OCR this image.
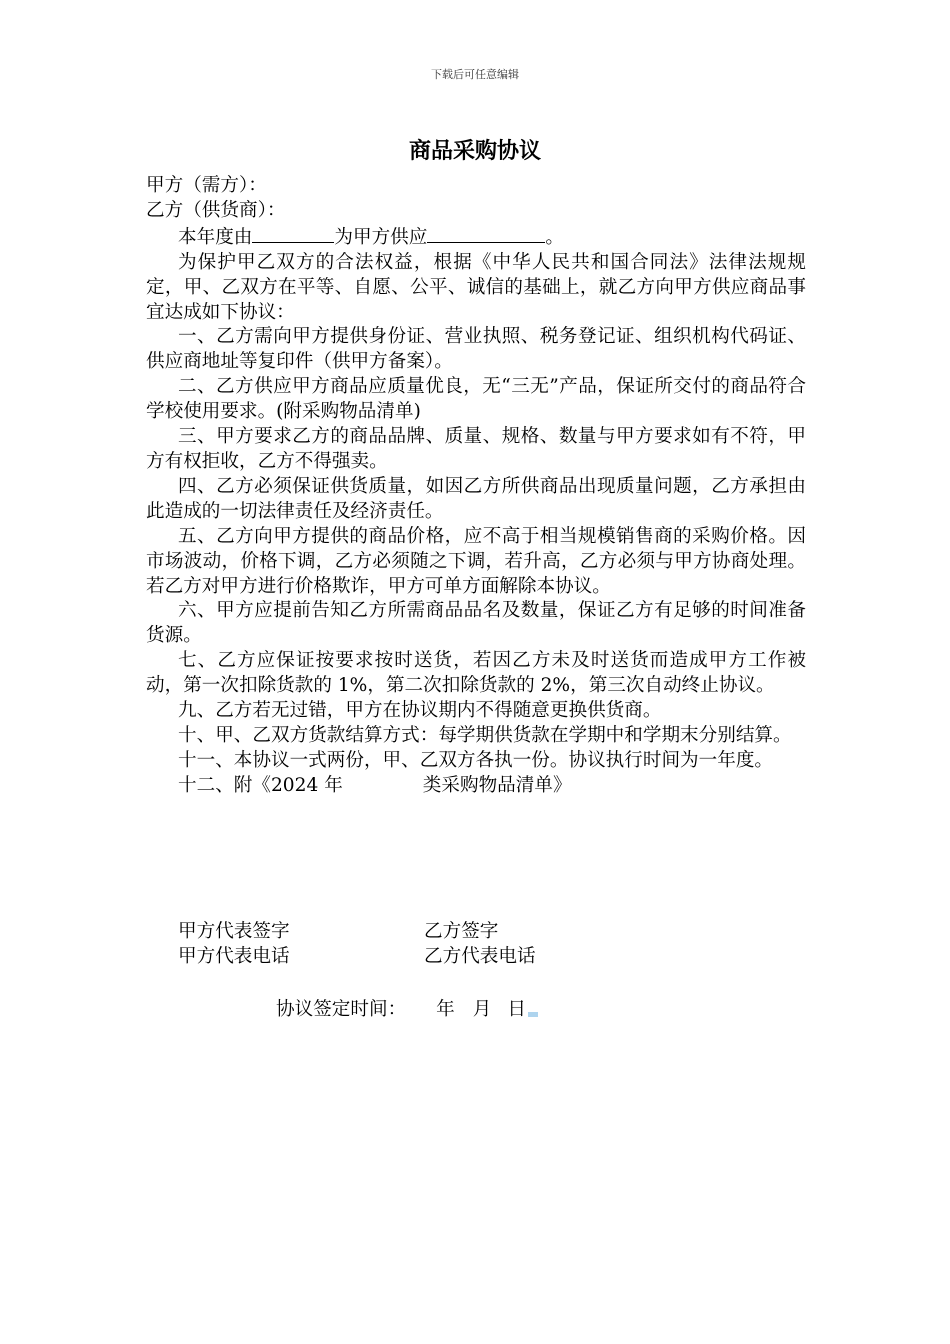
下载后可任意编辑
商品采购协议

甲方（需方）：

乙方（供货商）：

本年度由	为甲方供应	。

为保护甲乙双方的合法权益，根据《中华人民共和国合同法》法律法规规定，甲、乙双方在平等、自愿、公平、诚信的基础上，就乙方向甲方供应商品事宜达成如下协议：

一、乙方需向甲方提供身份证、营业执照、税务登记证、组织机构代码证、供应商地址等复印件（供甲方备案）。

二、乙方供应甲方商品应质量优良，无“三无”产品，保证所交付的商品符合学校使用要求。(附采购物品清单)

三、甲方要求乙方的商品品牌、质量、规格、数量与甲方要求如有不符，甲方有权拒收，乙方不得强卖。

四、乙方必须保证供货质量，如因乙方所供商品出现质量问题，乙方承担由此造成的一切法律责任及经济责任。

五、乙方向甲方提供的商品价格，应不高于相当规模销售商的采购价格。因市场波动，价格下调，乙方必须随之下调，若升高，乙方必须与甲方协商处理。若乙方对甲方进行价格欺诈，甲方可单方面解除本协议。

六、甲方应提前告知乙方所需商品品名及数量，保证乙方有足够的时间准备货源。

七、乙方应保证按要求按时送货，若因乙方未及时送货而造成甲方工作被动，第一次扣除货款的 1%，第二次扣除货款的 2%，第三次自动终止协议。

九、乙方若无过错，甲方在协议期内不得随意更换供货商。

十、甲、乙双方货款结算方式：每学期供货款在学期中和学期末分别结算。

十一、本协议一式两份，甲、乙双方各执一份。协议执行时间为一年度。

十二、附《2024 年	类采购物品清单》

甲方代表签字	乙方签字
甲方代表电话	乙方代表电话
协议签定时间： 年 月 日
